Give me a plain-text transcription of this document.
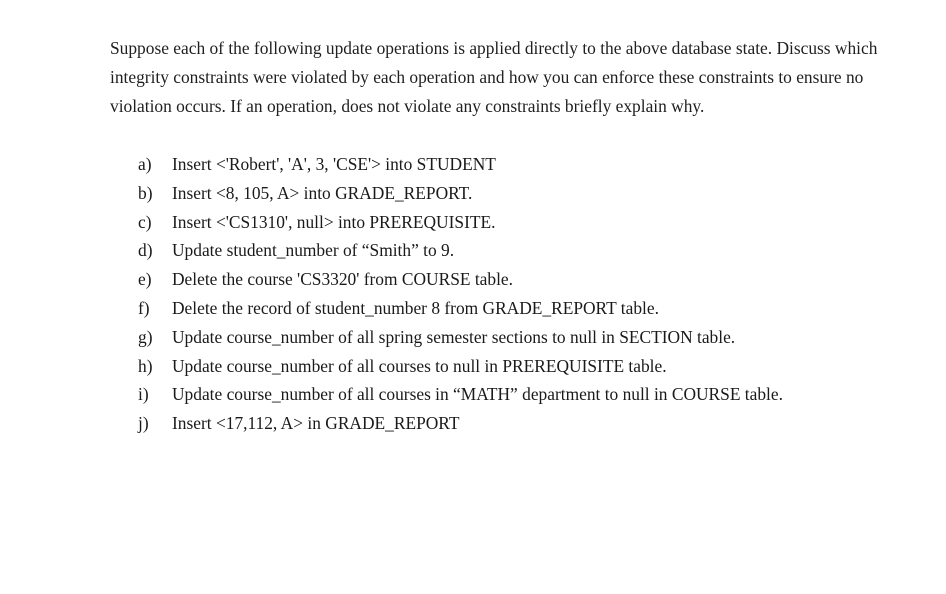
Suppose each of the following update operations is applied directly to the above database state. Discuss which integrity constraints were violated by each operation and how you can enforce these constraints to ensure no violation occurs. If an operation, does not violate any constraints briefly explain why.

a)	Insert <'Robert', 'A', 3, 'CSE'> into STUDENT
b)	Insert <8, 105, A> into GRADE_REPORT.
c)	Insert <'CS1310', null> into PREREQUISITE.
d)	Update student_number of “Smith” to 9.
e)	Delete the course 'CS3320' from COURSE table.
f)	Delete the record of student_number 8 from GRADE_REPORT table.
g)	Update course_number of all spring semester sections to null in SECTION table.
h)	Update course_number of all courses to null in PREREQUISITE table.
i)	Update course_number of all courses in “MATH” department to null in COURSE table.
j)	Insert <17,112, A> in GRADE_REPORT
